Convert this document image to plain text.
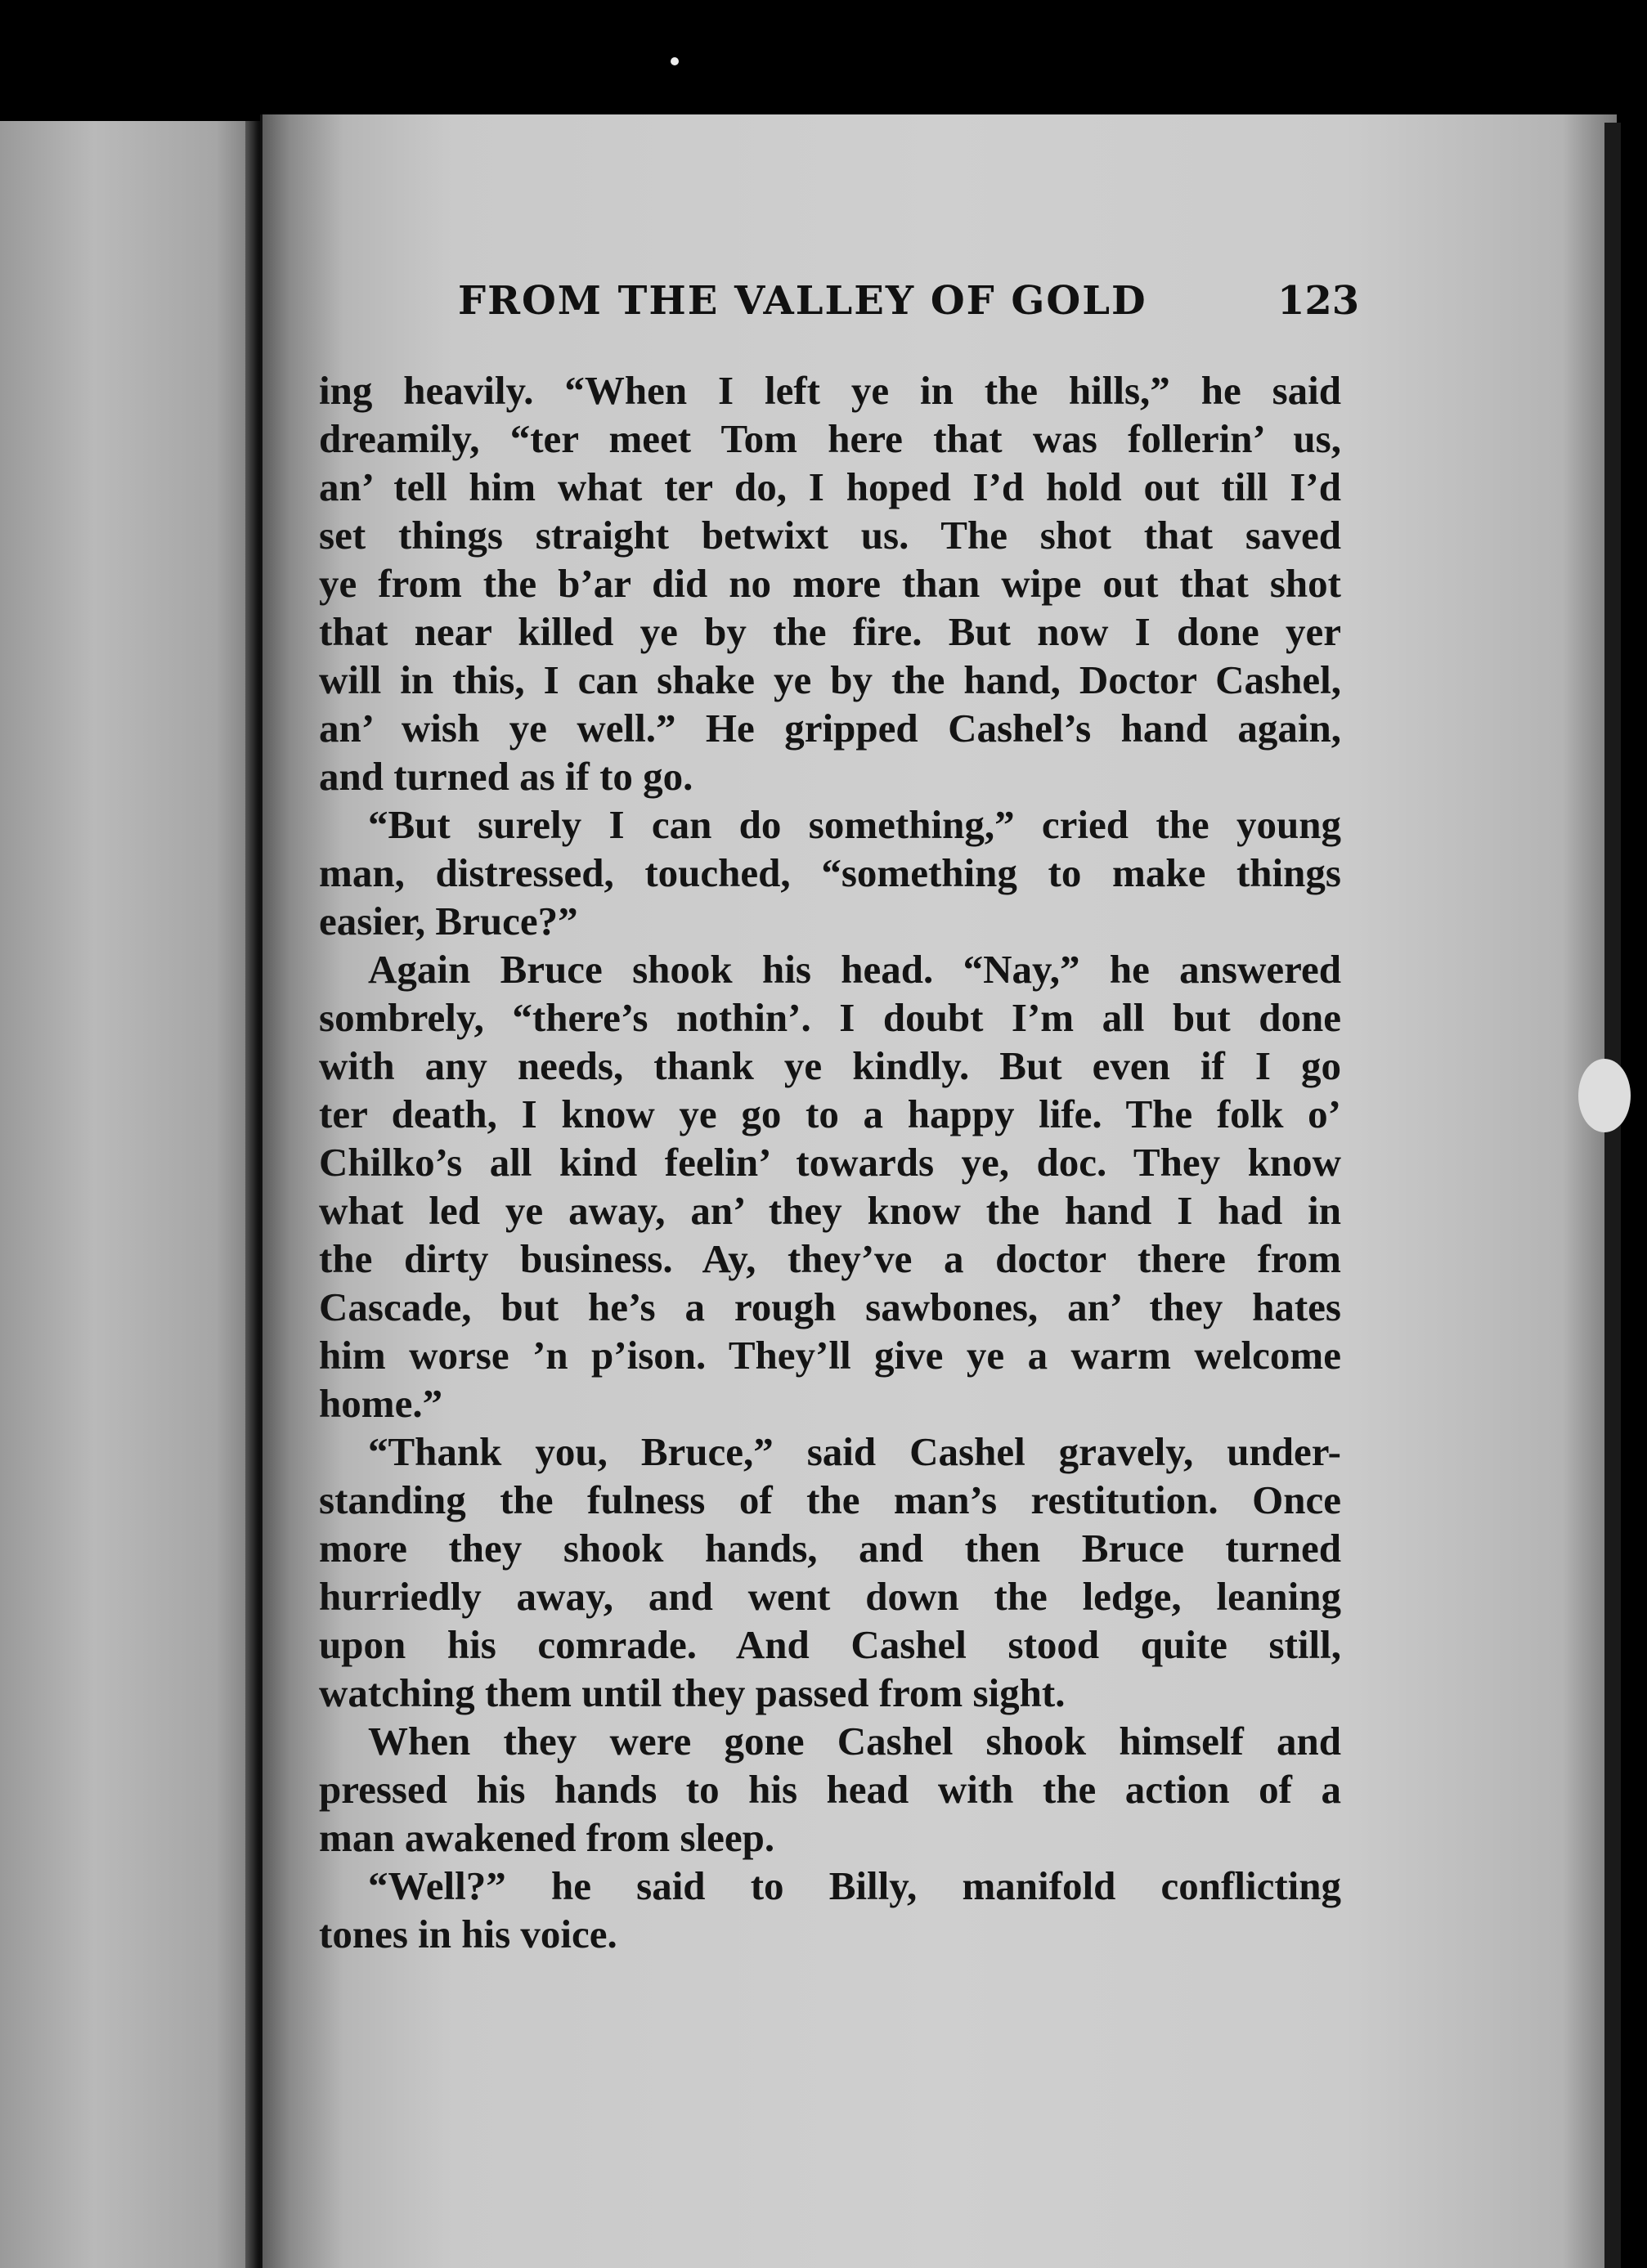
FROM THE VALLEY OF GOLD	123

ing heavily. “When I left ye in the hills,” he said
dreamily, “ter meet Tom here that was follerin’ us,
an’ tell him what ter do, I hoped I’d hold out till I’d
set things straight betwixt us. The shot that saved
ye from the b’ar did no more than wipe out that shot
that near killed ye by the fire. But now I done yer
will in this, I can shake ye by the hand, Doctor Cashel,
an’ wish ye well.” He gripped Cashel’s hand again,
and turned as if to go.

“But surely I can do something,” cried the young
man, distressed, touched, “something to make things
easier, Bruce?”

Again Bruce shook his head. “Nay,” he answered
sombrely, “there’s nothin’. I doubt I’m all but done
with any needs, thank ye kindly. But even if I go
ter death, I know ye go to a happy life. The folk o’
Chilko’s all kind feelin’ towards ye, doc. They know
what led ye away, an’ they know the hand I had in
the dirty business. Ay, they’ve a doctor there from
Cascade, but he’s a rough sawbones, an’ they hates
him worse ’n p’ison. They’ll give ye a warm welcome
home.”

“Thank you, Bruce,” said Cashel gravely, under-
standing the fulness of the man’s restitution. Once
more they shook hands, and then Bruce turned
hurriedly away, and went down the ledge, leaning
upon his comrade. And Cashel stood quite still,
watching them until they passed from sight.

When they were gone Cashel shook himself and
pressed his hands to his head with the action of a
man awakened from sleep.

“Well?” he said to Billy, manifold conflicting
tones in his voice.
